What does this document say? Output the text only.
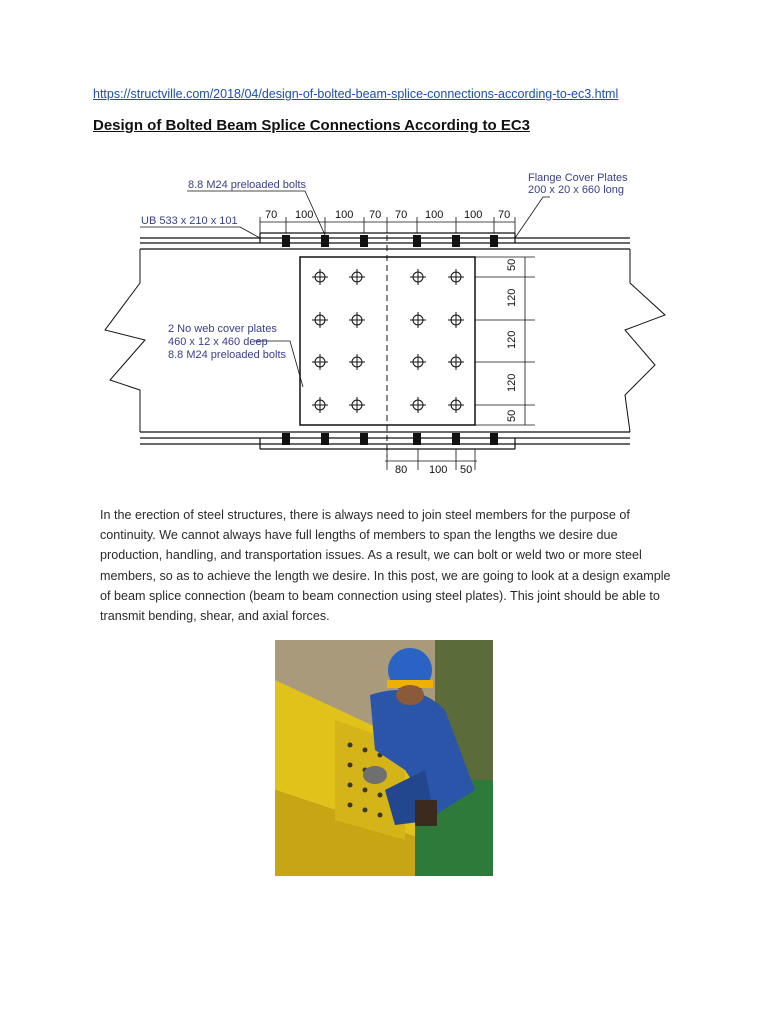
https://structville.com/2018/04/design-of-bolted-beam-splice-connections-according-to-ec3.html
Design of Bolted Beam Splice Connections According to EC3
8.8 M24 preloaded bolts
Flange Cover Plates
200 x 20 x 660 long
UB 533 x 210 x 101
2 No web cover plates
460 x 12 x 460 deep
8.8 M24 preloaded bolts
70 100 100 70 70 100 100 70
50
120
120
120
50
80 100 50

In the erection of steel structures, there is always need to join steel members for the purpose of continuity. We cannot always have full lengths of members to span the lengths we desire due production, handling, and transportation issues. As a result, we can bolt or weld two or more steel members, so as to achieve the length we desire. In this post, we are going to look at a design example of beam splice connection (beam to beam connection using steel plates). This joint should be able to transmit bending, shear, and axial forces.
